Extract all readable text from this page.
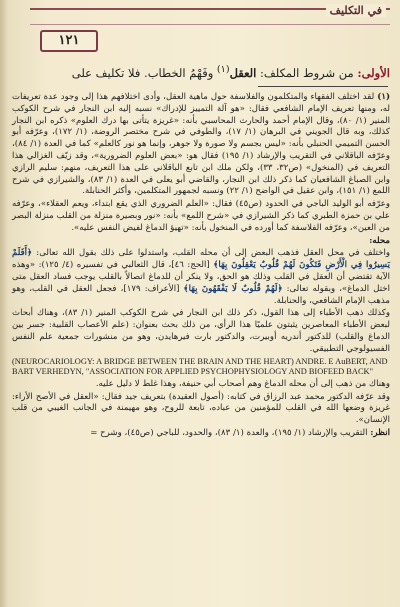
في التكليف
١٢١
الأولى: من شروط المكلف: العقل$^{(١)}$ وفَهْمُ الخطاب. فلا تكليف على

(١) لقد اختلف الفقهاء والمتكلمون والفلاسفة حول ماهية العقل، وأدى اختلافهم هذا إلى وجود عدة تعريفات له، ومنها تعريف الإمام الشافعي فقال: «هو آلة التمييز للإدراك» نسبه إليه ابن النجار في شرح الكوكب المنير (١/ ٨٠)، وقال الإمام أحمد والحارث المحاسبي بأنه: «غريزة يتأتى بها درك العلوم» ذكره ابن النجار كذلك، وبه قال الجويني في البرهان (١/ ١٧)، والطوفي في شرح مختصر الروضة، (١/ ١٧٢)، وعرّفه أبو الحسن التميمي الحنبلي بأنه: «ليس بجسم ولا صورة ولا جوهر، وإنما هو نور كالعلم» كما في العدة (١/ ٨٤)، وعرّفه الباقلاني في التقريب والإرشاد (١/ ١٩٥) فقال هو: «بعض العلوم الضرورية»، وقد زيّف الغزالي هذا التعريف في (المنخول» (ص٣٢، ٣٣)، ولكن ملك ابن تابع الباقلاني على هذا التعريف، منهم: سليم الرازي وابن الصباغ الشافعيان كما ذكر ذلك ابن النجار، والقاضي أبو يعلى في العدة (١/ ٨٣)، والشيرازي في شرح اللمع (١/ ١٥١)، وابن عقيل في الواضح (١/ ٢٢) ونسبه لجمهور المتكلمين، وأكثر الحنابلة.

وعرّفه أبو الوليد الباجي في الحدود (ص٤٥) فقال: «العلم الضروري الذي يقع ابتداء، ويعم العقلاء»، وعرّفه علي بن حمزة الطبري كما ذكر الشيرازي في «شرح اللمع» بأنه: «نور وبصيرة منزلة من القلب منزلة البصر من العين»، وعرّفه الفلاسفة كما أورده في المنخول بأنه: «تهيؤ الدماغ لفيض النفس عليه».

محله:

واختلف في محل العقل فذهب البعض إلى أن محله القلب، واستدلوا على ذلك بقول الله تعالى: ﴿أَفَلَمْ يَسِيرُوا فِي الْأَرْضِ فَتَكُونَ لَهُمْ قُلُوبٌ يَعْقِلُونَ بِهَا﴾ [الحج: ٤٦]، قال الثعالبي في تفسيره (٤/ ١٢٥): «وهذه الآية تقتضي أن العقل في القلب وذلك هو الحق، ولا ينكر أن للدماغ اتصالاً بالقلب يوجب فساد العقل متى اختل الدماغ»، وبقوله تعالى: ﴿لَهُمْ قُلُوبٌ لَا يَفْقَهُونَ بِهَا﴾ [الأعراف: ١٧٩]، فجعل العقل في القلب، وهو مذهب الإمام الشافعي، والحنابلة.

وكذلك ذهب الأطباء إلى هذا القول، ذكر ذلك ابن النجار في شرح الكوكب المنير (١/ ٨٣)، وهناك أبحاث لبعض الأطباء المعاصرين يثبتون علميًا هذا الرأي، من ذلك بحث بعنوان: (علم الأعصاب القلبية: جسر بين الدماغ والقلب) للدكتور أندريه أوبيرت، والدكتور بارت فيرهايدن، وهو من منشورات جمعية علم النفس الفسيولوجي التطبيقي.

(NEUROCARIOLOGY: A BRIDGE BETWEEN THE BRAIN AND THE HEART) ANDRE. E AuBERT, AND BART VERHEDYN, "ASSOCIATION FOR APPLIED PSYCHOPHYSIOLOGY AND BIOFEED BACK"

وهناك من ذهب إلى أن محله الدماغ وهم أصحاب أبي حنيفة، وهذا غلط لا دليل عليه.

وقد عرّفه الدكتور محمد عبد الرزاق في كتابه: (أصول العقيدة) بتعريف جيد فقال: «العقل في الأصح الأراء: غريزة وضعها الله في القلب للمؤمنين من عباده، تابعة للروح، وهو مهيمنة في الجانب الغيبي من قلب الإنسان».

انظر: التقريب والإرشاد (١/ ١٩٥)، والعدة (١/ ٨٣)، والحدود، للباجي (ص٤٥)، وشرح =
